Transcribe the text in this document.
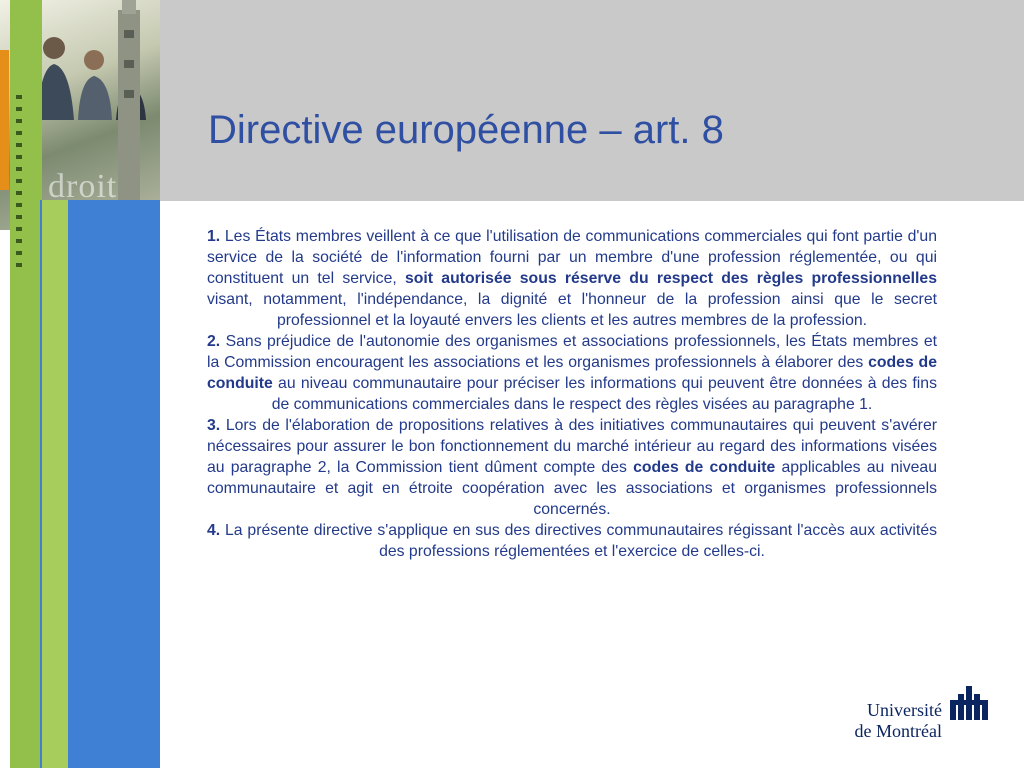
droit
Directive européenne – art. 8

1. Les États membres veillent à ce que l'utilisation de communications commerciales qui font partie d'un service de la société de l'information fourni par un membre d'une profession réglementée, ou qui constituent un tel service, soit autorisée sous réserve du respect des règles professionnelles visant, notamment, l'indépendance, la dignité et l'honneur de la profession ainsi que le secret professionnel et la loyauté envers les clients et les autres membres de la profession.

2. Sans préjudice de l'autonomie des organismes et associations professionnels, les États membres et la Commission encouragent les associations et les organismes professionnels à élaborer des codes de conduite au niveau communautaire pour préciser les informations qui peuvent être données à des fins de communications commerciales dans le respect des règles visées au paragraphe 1.

3. Lors de l'élaboration de propositions relatives à des initiatives communautaires qui peuvent s'avérer nécessaires pour assurer le bon fonctionnement du marché intérieur au regard des informations visées au paragraphe 2, la Commission tient dûment compte des codes de conduite applicables au niveau communautaire et agit en étroite coopération avec les associations et organismes professionnels concernés.

4. La présente directive s'applique en sus des directives communautaires régissant l'accès aux activités des professions réglementées et l'exercice de celles-ci.

Université
de Montréal
